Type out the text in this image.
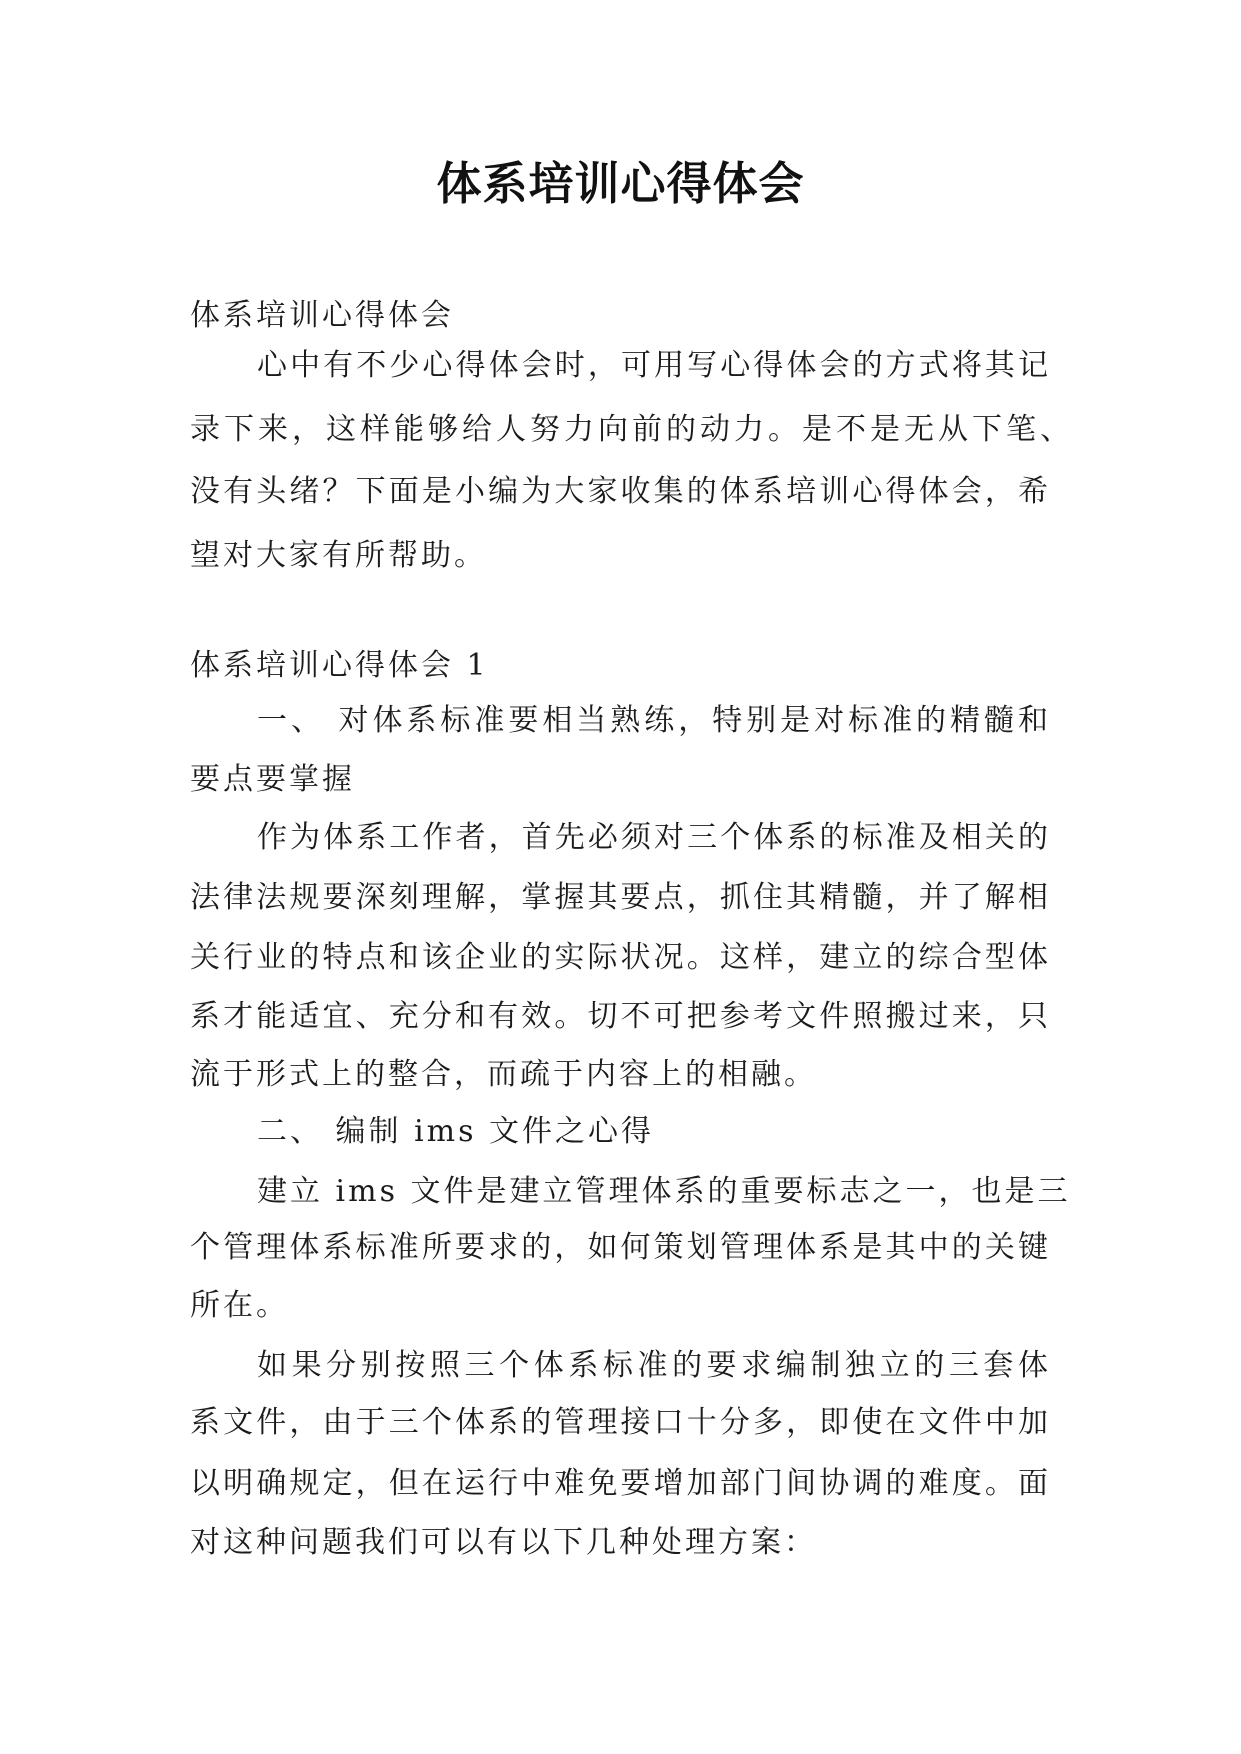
体系培训心得体会
体系培训心得体会
心中有不少心得体会时，可用写心得体会的方式将其记
录下来，这样能够给人努力向前的动力。是不是无从下笔、
没有头绪？下面是小编为大家收集的体系培训心得体会，希
望对大家有所帮助。
体系培训心得体会 1
一、 对体系标准要相当熟练，特别是对标准的精髓和
要点要掌握
作为体系工作者，首先必须对三个体系的标准及相关的
法律法规要深刻理解，掌握其要点，抓住其精髓，并了解相
关行业的特点和该企业的实际状况。这样，建立的综合型体
系才能适宜、充分和有效。切不可把参考文件照搬过来，只
流于形式上的整合，而疏于内容上的相融。
二、 编制 ims 文件之心得
建立 ims 文件是建立管理体系的重要标志之一，也是三
个管理体系标准所要求的，如何策划管理体系是其中的关键
所在。
如果分别按照三个体系标准的要求编制独立的三套体
系文件，由于三个体系的管理接口十分多，即使在文件中加
以明确规定，但在运行中难免要增加部门间协调的难度。面
对这种问题我们可以有以下几种处理方案：
